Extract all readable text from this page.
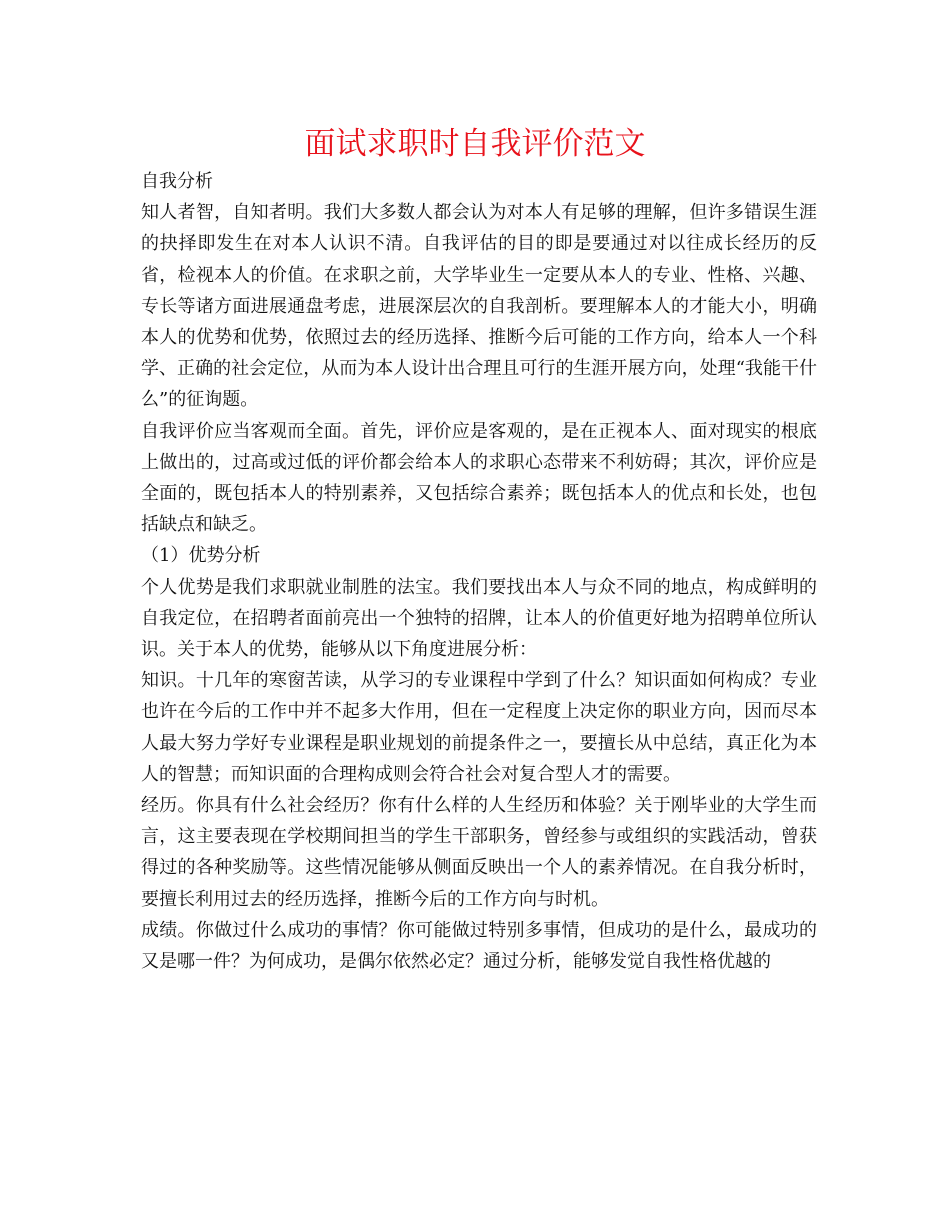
面试求职时自我评价范文

自我分析

知人者智，自知者明。我们大多数人都会认为对本人有足够的理解，但许多错误生涯的抉择即发生在对本人认识不清。自我评估的目的即是要通过对以往成长经历的反省，检视本人的价值。在求职之前，大学毕业生一定要从本人的专业、性格、兴趣、专长等诸方面进展通盘考虑，进展深层次的自我剖析。要理解本人的才能大小，明确本人的优势和优势，依照过去的经历选择、推断今后可能的工作方向，给本人一个科学、正确的社会定位，从而为本人设计出合理且可行的生涯开展方向，处理“我能干什么”的征询题。

自我评价应当客观而全面。首先，评价应是客观的，是在正视本人、面对现实的根底上做出的，过高或过低的评价都会给本人的求职心态带来不利妨碍；其次，评价应是全面的，既包括本人的特别素养，又包括综合素养；既包括本人的优点和长处，也包括缺点和缺乏。

（1）优势分析

个人优势是我们求职就业制胜的法宝。我们要找出本人与众不同的地点，构成鲜明的自我定位，在招聘者面前亮出一个独特的招牌，让本人的价值更好地为招聘单位所认识。关于本人的优势，能够从以下角度进展分析：

知识。十几年的寒窗苦读，从学习的专业课程中学到了什么？知识面如何构成？专业也许在今后的工作中并不起多大作用，但在一定程度上决定你的职业方向，因而尽本人最大努力学好专业课程是职业规划的前提条件之一，要擅长从中总结，真正化为本人的智慧；而知识面的合理构成则会符合社会对复合型人才的需要。

经历。你具有什么社会经历？你有什么样的人生经历和体验？关于刚毕业的大学生而言，这主要表现在学校期间担当的学生干部职务，曾经参与或组织的实践活动，曾获得过的各种奖励等。这些情况能够从侧面反映出一个人的素养情况。在自我分析时，要擅长利用过去的经历选择，推断今后的工作方向与时机。

成绩。你做过什么成功的事情？你可能做过特别多事情，但成功的是什么，最成功的又是哪一件？为何成功，是偶尔依然必定？通过分析，能够发觉自我性格优越的
